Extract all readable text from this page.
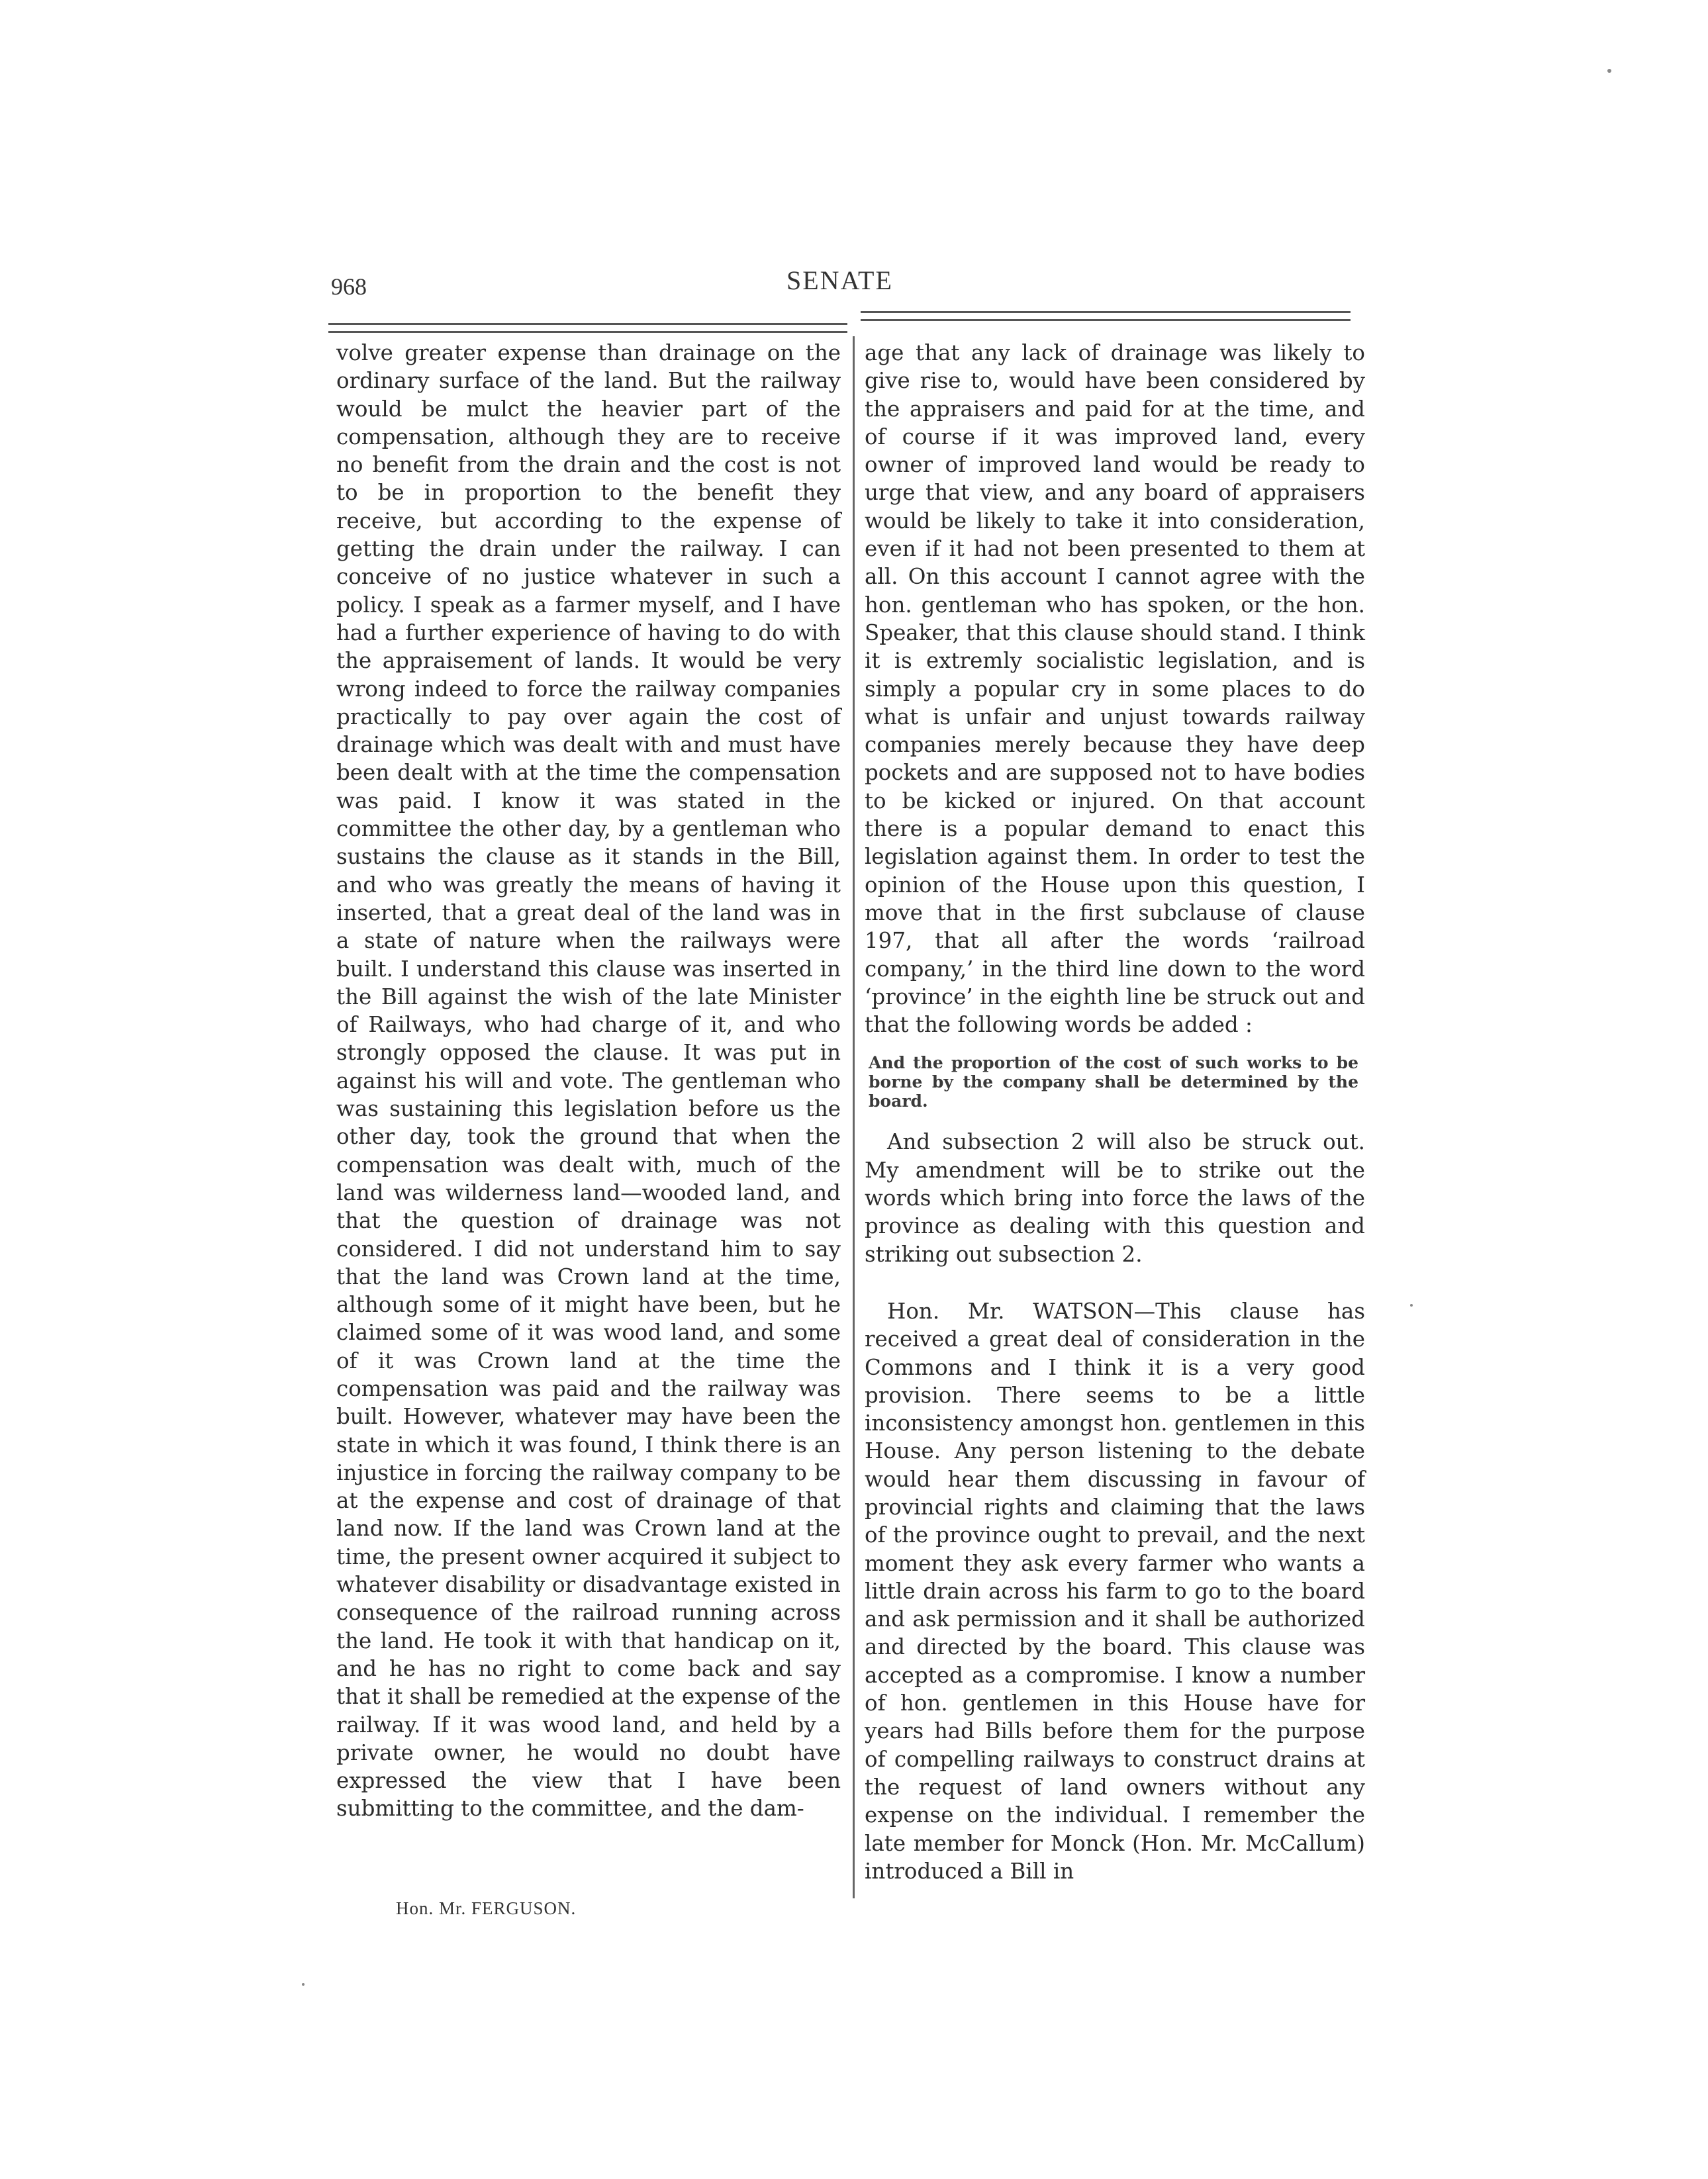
968	SENATE

volve greater expense than drainage on the ordinary surface of the land. But the railway would be mulct the heavier part of the compensation, although they are to receive no benefit from the drain and the cost is not to be in proportion to the benefit they receive, but according to the expense of getting the drain under the railway. I can conceive of no justice whatever in such a policy. I speak as a farmer myself, and I have had a further experience of having to do with the appraisement of lands. It would be very wrong indeed to force the railway companies practically to pay over again the cost of drainage which was dealt with and must have been dealt with at the time the compensation was paid. I know it was stated in the committee the other day, by a gentleman who sustains the clause as it stands in the Bill, and who was greatly the means of having it inserted, that a great deal of the land was in a state of nature when the railways were built. I understand this clause was inserted in the Bill against the wish of the late Minister of Railways, who had charge of it, and who strongly opposed the clause. It was put in against his will and vote. The gentleman who was sustaining this legislation before us the other day, took the ground that when the compensation was dealt with, much of the land was wilderness land—wooded land, and that the question of drainage was not considered. I did not understand him to say that the land was Crown land at the time, although some of it might have been, but he claimed some of it was wood land, and some of it was Crown land at the time the compensation was paid and the railway was built. However, whatever may have been the state in which it was found, I think there is an injustice in forcing the railway company to be at the expense and cost of drainage of that land now. If the land was Crown land at the time, the present owner acquired it subject to whatever disability or disadvantage existed in consequence of the railroad running across the land. He took it with that handicap on it, and he has no right to come back and say that it shall be remedied at the expense of the railway. If it was wood land, and held by a private owner, he would no doubt have expressed the view that I have been submitting to the committee, and the dam-

age that any lack of drainage was likely to give rise to, would have been considered by the appraisers and paid for at the time, and of course if it was improved land, every owner of improved land would be ready to urge that view, and any board of appraisers would be likely to take it into consideration, even if it had not been presented to them at all. On this account I cannot agree with the hon. gentleman who has spoken, or the hon. Speaker, that this clause should stand. I think it is extremly socialistic legislation, and is simply a popular cry in some places to do what is unfair and unjust towards railway companies merely because they have deep pockets and are supposed not to have bodies to be kicked or injured. On that account there is a popular demand to enact this legislation against them. In order to test the opinion of the House upon this question, I move that in the first subclause of clause 197, that all after the words ‘railroad company,’ in the third line down to the word ‘province’ in the eighth line be struck out and that the following words be added :

And the proportion of the cost of such works to be borne by the company shall be determined by the board.

And subsection 2 will also be struck out. My amendment will be to strike out the words which bring into force the laws of the province as dealing with this question and striking out subsection 2.

Hon. Mr. WATSON—This clause has received a great deal of consideration in the Commons and I think it is a very good provision. There seems to be a little inconsistency amongst hon. gentlemen in this House. Any person listening to the debate would hear them discussing in favour of provincial rights and claiming that the laws of the province ought to prevail, and the next moment they ask every farmer who wants a little drain across his farm to go to the board and ask permission and it shall be authorized and directed by the board. This clause was accepted as a compromise. I know a number of hon. gentlemen in this House have for years had Bills before them for the purpose of compelling railways to construct drains at the request of land owners without any expense on the individual. I remember the late member for Monck (Hon. Mr. McCallum) introduced a Bill in

Hon. Mr. FERGUSON.
